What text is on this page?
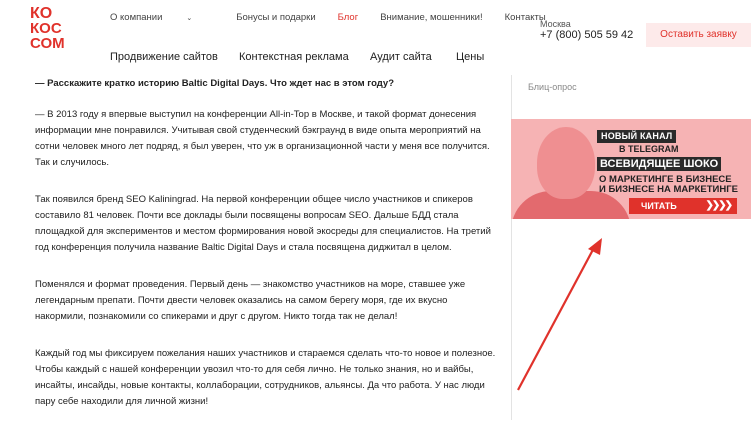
КО
КОС
СОМ
О компании	⌄	Бонусы и подарки Блог Внимание, мошенники! Контакты
Продвижение сайтов Контекстная реклама Аудит сайта Цены
Москва
+7 (800) 505 59 42	Оставить заявку

— Расскажите кратко историю Baltic Digital Days. Что ждет нас в этом году?

— В 2013 году я впервые выступил на конференции All-in-Top в Москве, и такой формат донесения информации мне понравился. Учитывая свой студенческий бэкграунд в виде опыта мероприятий на сотни человек много лет подряд, я был уверен, что уж в организационной части у меня все получится. Так и случилось.

Так появился бренд SEO Kaliningrad. На первой конференции общее число участников и спикеров составило 81 человек. Почти все доклады были посвящены вопросам SEO. Дальше БДД стала площадкой для экспериментов и местом формирования новой экосреды для специалистов. На третий год конференция получила название Baltic Digital Days и стала посвящена диджитал в целом.

Поменялся и формат проведения. Первый день — знакомство участников на море, ставшее уже легендарным препати. Почти двести человек оказались на самом берегу моря, где их вкусно накормили, познакомили со спикерами и друг с другом. Никто тогда так не делал!

Каждый год мы фиксируем пожелания наших участников и стараемся сделать что-то новое и полезное. Чтобы каждый с нашей конференции увозил что-то для себя лично. Не только знания, но и вайбы, инсайты, инсайды, новые контакты, коллаборации, сотрудников, альянсы. Да что работа. У нас люди пару себе находили для личной жизни!

Блиц-опрос
НОВЫЙ КАНАЛ
В TELEGRAM
ВСЕВИДЯЩЕЕ ШОКО
О МАРКЕТИНГЕ В БИЗНЕСЕ
И БИЗНЕСЕ НА МАРКЕТИНГЕ
ЧИТАТЬ	❯❯❯❯
